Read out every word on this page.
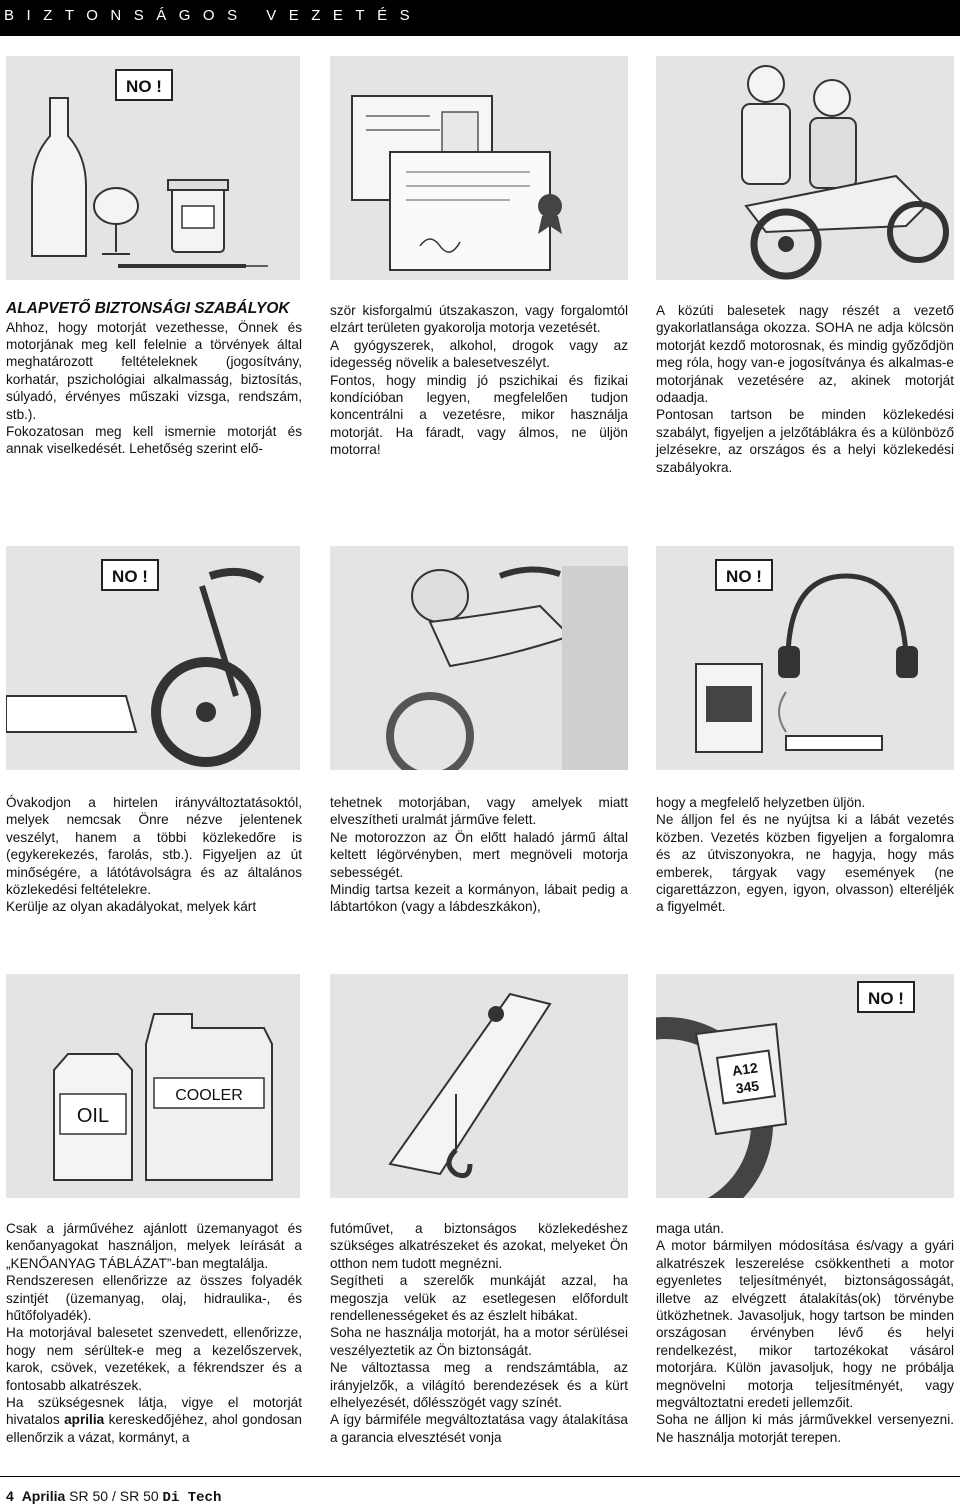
BIZTONSÁGOS VEZETÉS
NO !

ALAPVETŐ BIZTONSÁGI SZABÁLYOK

Ahhoz, hogy motorját vezethesse, Önnek és motorjának meg kell felelnie a törvények által meghatározott feltételeknek (jogosítvány, korhatár, pszichológiai alkalmasság, biztosítás, súlyadó, érvényes műszaki vizsga, rendszám, stb.).

Fokozatosan meg kell ismernie motorját és annak viselkedését. Lehetőség szerint elő-

ször kisforgalmú útszakaszon, vagy forgalomtól elzárt területen gyakorolja motorja vezetését.

A gyógyszerek, alkohol, drogok vagy az idegesség növelik a balesetveszélyt.

Fontos, hogy mindig jó pszichikai és fizikai kondícióban legyen, megfelelően tudjon koncentrálni a vezetésre, mikor használja motorját. Ha fáradt, vagy álmos, ne üljön motorra!

A közúti balesetek nagy részét a vezető gyakorlatlansága okozza. SOHA ne adja kölcsön motorját kezdő motorosnak, és mindig győződjön meg róla, hogy van-e jogosítványa és alkalmas-e motorjának vezetésére az, akinek motorját odaadja.

Pontosan tartson be minden közlekedési szabályt, figyeljen a jelzőtáblákra és a különböző jelzésekre, az országos és a helyi közlekedési szabályokra.

NO !	NO !

Óvakodjon a hirtelen irányváltoztatásoktól, melyek nemcsak Önre nézve jelentenek veszélyt, hanem a többi közlekedőre is (egykerekezés, farolás, stb.). Figyeljen az út minőségére, a látótávolságra és az általános közlekedési feltételekre.

Kerülje az olyan akadályokat, melyek kárt

tehetnek motorjában, vagy amelyek miatt elveszítheti uralmát járműve felett.

Ne motorozzon az Ön előtt haladó jármű által keltett légörvényben, mert megnöveli motorja sebességét.

Mindig tartsa kezeit a kormányon, lábait pedig a lábtartókon (vagy a lábdeszkákon),

hogy a megfelelő helyzetben üljön.

Ne álljon fel és ne nyújtsa ki a lábát vezetés közben. Vezetés közben figyeljen a forgalomra és az útviszonyokra, ne hagyja, hogy más emberek, tárgyak vagy események (ne cigarettázzon, egyen, igyon, olvasson) elteréljék a figyelmét.

OIL
COOLER
NO !
A12
345

Csak a járművéhez ajánlott üzemanyagot és kenőanyagokat használjon, melyek leírását a „KENŐANYAG TÁBLÁZAT”-ban megtalálja.

Rendszeresen ellenőrizze az összes folyadék szintjét (üzemanyag, olaj, hidraulika-, és hűtőfolyadék).

Ha motorjával balesetet szenvedett, ellenőrizze, hogy nem sérültek-e meg a kezelőszervek, karok, csövek, vezetékek, a fékrendszer és a fontosabb alkatrészek.

Ha szükségesnek látja, vigye el motorját hivatalos aprilia kereskedőjéhez, ahol gondosan ellenőrzik a vázat, kormányt, a

futóművet, a biztonságos közlekedéshez szükséges alkatrészeket és azokat, melyeket Ön otthon nem tudott megnézni.

Segítheti a szerelők munkáját azzal, ha megoszja velük az esetlegesen előfordult rendellenességeket és az észlelt hibákat.

Soha ne használja motorját, ha a motor sérülései veszélyeztetik az Ön biztonságát.

Ne változtassa meg a rendszámtábla, az irányjelzők, a világító berendezések és a kürt elhelyezését, dőlésszögét vagy színét.

A így bármiféle megváltoztatása vagy átalakítása a garancia elvesztését vonja

maga után.

A motor bármilyen módosítása és/vagy a gyári alkatrészek leszerelése csökkentheti a motor egyenletes teljesítményét, biztonságosságát, illetve az elvégzett átalakítás(ok) törvénybe ütközhetnek. Javasoljuk, hogy tartson be minden országosan érvényben lévő és helyi rendelkezést, mikor tartozékokat vásárol motorjára. Külön javasoljuk, hogy ne próbálja megnövelni motorja teljesítményét, vagy megváltoztatni eredeti jellemzőit.

Soha ne álljon ki más járművekkel versenyezni. Ne használja motorját terepen.

4 Aprilia SR 50 / SR 50 Di Tech
